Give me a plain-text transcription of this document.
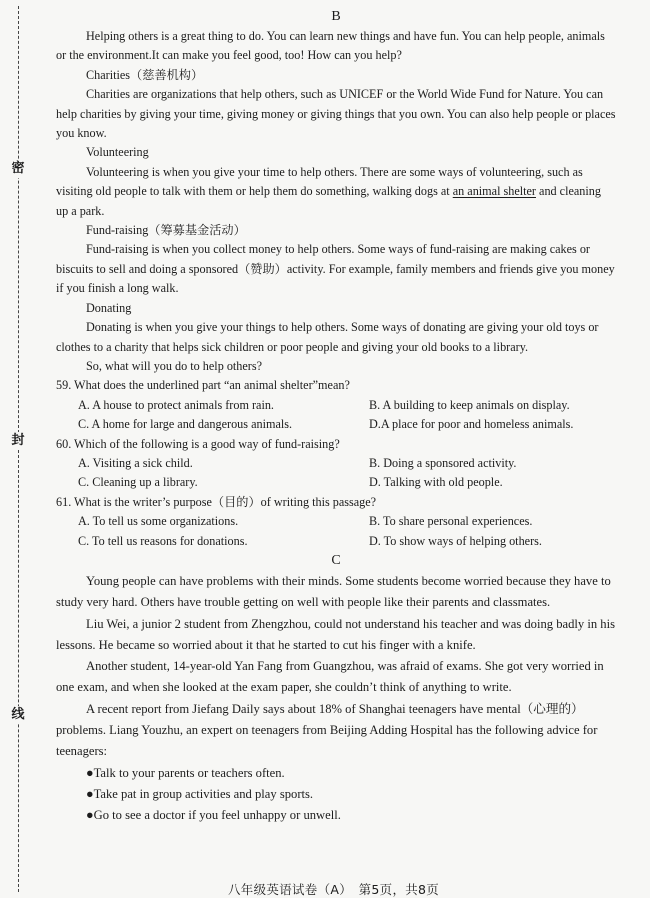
密
封
线
B

Helping others is a great thing to do. You can learn new things and have fun. You can help people, animals or the environment.It can make you feel good, too! How can you help?

Charities（慈善机构）

Charities are organizations that help others, such as UNICEF or the World Wide Fund for Nature. You can help charities by giving your time, giving money or giving things that you own. You can also help people or places you know.

Volunteering

Volunteering is when you give your time to help others. There are some ways of volunteering, such as visiting old people to talk with them or help them do something, walking dogs at an animal shelter and cleaning up a park.

Fund-raising（筹募基金活动）

Fund-raising is when you collect money to help others. Some ways of fund-raising are making cakes or biscuits to sell and doing a sponsored（赞助）activity. For example, family members and friends give you money if you finish a long walk.

Donating

Donating is when you give your things to help others. Some ways of donating are giving your old toys or clothes to a charity that helps sick children or poor people and giving your old books to a library.

So, what will you do to help others?

59. What does the underlined part “an animal shelter”mean?

A. A house to protect animals from rain.	B. A building to keep animals on display.
C. A home for large and dangerous animals.	D.A place for poor and homeless animals.

60. Which of the following is a good way of fund-raising?

A. Visiting a sick child.	B. Doing a sponsored activity.
C. Cleaning up a library.	D. Talking with old people.

61. What is the writer’s purpose（目的）of writing this passage?

A. To tell us some organizations.	B. To share personal experiences.
C. To tell us reasons for donations.	D. To show ways of helping others.
C

Young people can have problems with their minds. Some students become worried because they have to study very hard. Others have trouble getting on well with people like their parents and classmates.

Liu Wei, a junior 2 student from Zhengzhou, could not understand his teacher and was doing badly in his lessons. He became so worried about it that he started to cut his finger with a knife.

Another student, 14-year-old Yan Fang from Guangzhou, was afraid of exams. She got very worried in one exam, and when she looked at the exam paper, she couldn’t think of anything to write.

A recent report from Jiefang Daily says about 18% of Shanghai teenagers have mental（心理的）problems. Liang Youzhu, an expert on teenagers from Beijing Adding Hospital has the following advice for teenagers:

●Talk to your parents or teachers often.

●Take pat in group activities and play sports.

●Go to see a doctor if you feel unhappy or unwell.

八年级英语试卷（A）　第5页，共8页
